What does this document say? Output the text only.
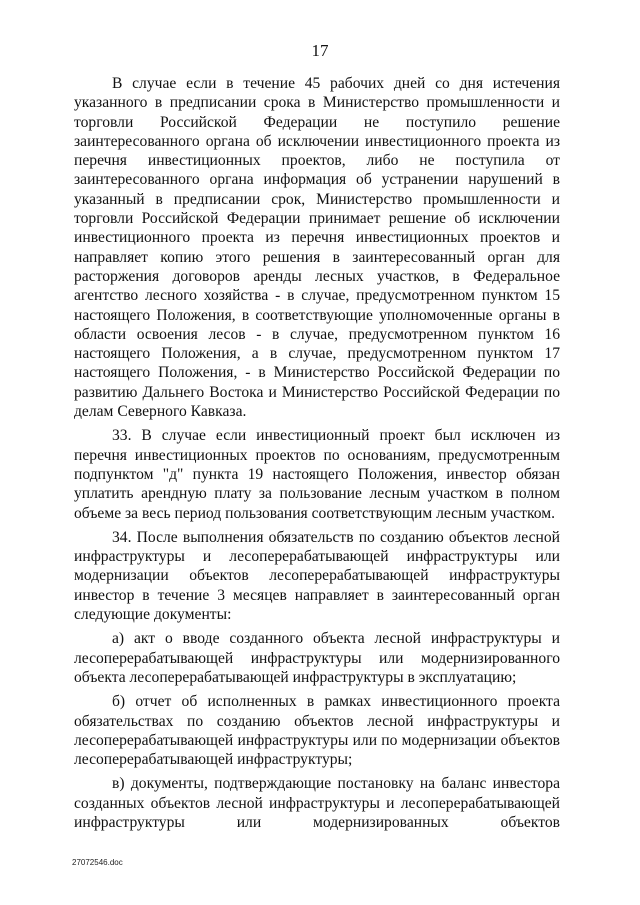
17

В случае если в течение 45 рабочих дней со дня истечения указанного в предписании срока в Министерство промышленности и торговли Российской Федерации не поступило решение заинтересованного органа об исключении инвестиционного проекта из перечня инвестиционных проектов, либо не поступила от заинтересованного органа информация об устранении нарушений в указанный в предписании срок, Министерство промышленности и торговли Российской Федерации принимает решение об исключении инвестиционного проекта из перечня инвестиционных проектов и направляет копию этого решения в заинтересованный орган для расторжения договоров аренды лесных участков, в Федеральное агентство лесного хозяйства - в случае, предусмотренном пунктом 15 настоящего Положения, в соответствующие уполномоченные органы в области освоения лесов - в случае, предусмотренном пунктом 16 настоящего Положения, а в случае, предусмотренном пунктом 17 настоящего Положения, - в Министерство Российской Федерации по развитию Дальнего Востока и Министерство Российской Федерации по делам Северного Кавказа.

33. В случае если инвестиционный проект был исключен из перечня инвестиционных проектов по основаниям, предусмотренным подпунктом "д" пункта 19 настоящего Положения, инвестор обязан уплатить арендную плату за пользование лесным участком в полном объеме за весь период пользования соответствующим лесным участком.

34. После выполнения обязательств по созданию объектов лесной инфраструктуры и лесоперерабатывающей инфраструктуры или модернизации объектов лесоперерабатывающей инфраструктуры инвестор в течение 3 месяцев направляет в заинтересованный орган следующие документы:

а) акт о вводе созданного объекта лесной инфраструктуры и лесоперерабатывающей инфраструктуры или модернизированного объекта лесоперерабатывающей инфраструктуры в эксплуатацию;

б) отчет об исполненных в рамках инвестиционного проекта обязательствах по созданию объектов лесной инфраструктуры и лесоперерабатывающей инфраструктуры или по модернизации объектов лесоперерабатывающей инфраструктуры;

в) документы, подтверждающие постановку на баланс инвестора созданных объектов лесной инфраструктуры и лесоперерабатывающей инфраструктуры или модернизированных объектов

27072546.doc
